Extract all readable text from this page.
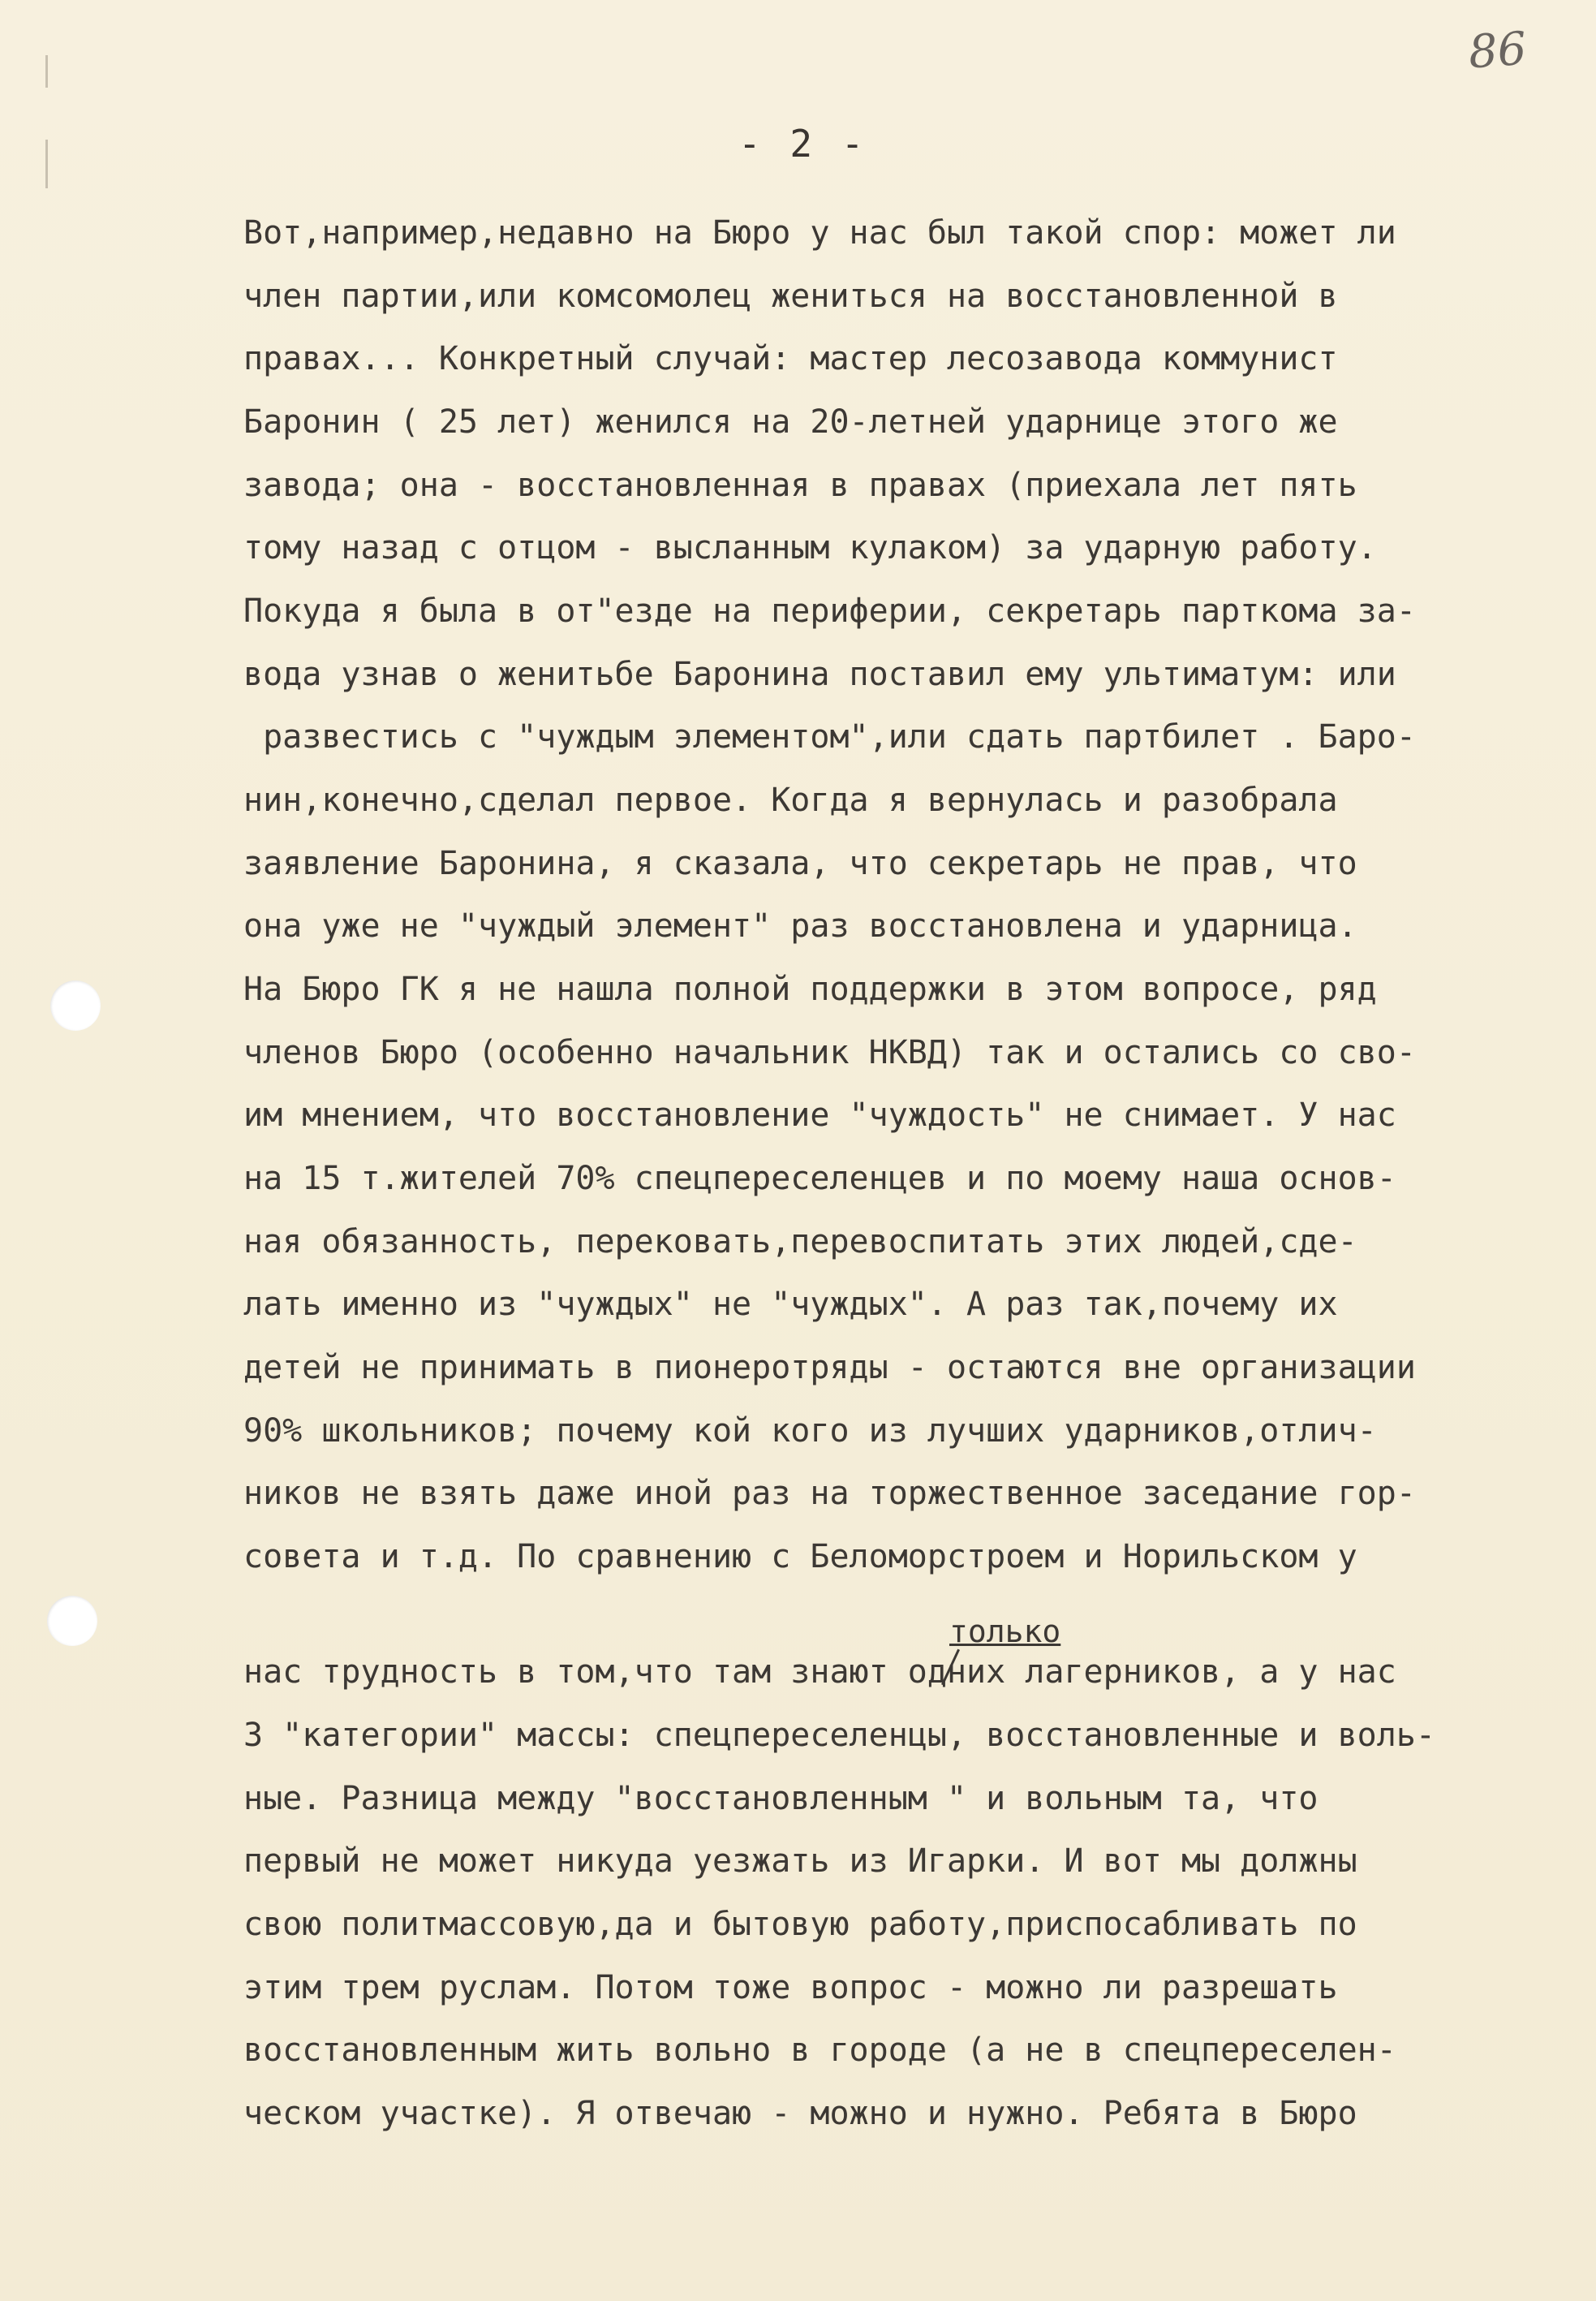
86
- 2 -
только
Вот,например,недавно на Бюро у нас был такой спор: может ли
член партии,или комсомолец жениться на восстановленной в
правах... Конкретный случай: мастер лесозавода коммунист
Баронин ( 25 лет) женился на 20-летней ударнице этого же
завода; она - восстановленная в правах (приехала лет пять
тому назад с отцом - высланным кулаком) за ударную работу.
Покуда я была в от"езде на периферии, секретарь парткома за-
вода узнав о женитьбе Баронина поставил ему ультиматум: или
развестись с "чуждым элементом",или сдать партбилет . Баро-
нин,конечно,сделал первое. Когда я вернулась и разобрала
заявление Баронина, я сказала, что секретарь не прав, что
она уже не "чуждый элемент" раз восстановлена и ударница.
На Бюро ГК я не нашла полной поддержки в этом вопросе, ряд
членов Бюро (особенно начальник НКВД) так и остались со сво-
им мнением, что восстановление "чуждость" не снимает. У нас
на 15 т.жителей 70% спецпереселенцев и по моему наша основ-
ная обязанность, перековать,перевоспитать этих людей,сде-
лать именно из "чуждых" не "чуждых". А раз так,почему их
детей не принимать в пионеротряды - остаются вне организации
90% школьников; почему кой кого из лучших ударников,отлич-
ников не взять даже иной раз на торжественное заседание гор-
совета и т.д. По сравнению с Беломорстроем и Норильском у
нас трудность в том,что там знают одних лагерников, а у нас
3 "категории" массы: спецпереселенцы, восстановленные и воль-
ные. Разница между "восстановленным " и вольным та, что
первый не может никуда уезжать из Игарки. И вот мы должны
свою политмассовую,да и бытовую работу,приспосабливать по
этим трем руслам. Потом тоже вопрос - можно ли разрешать
восстановленным жить вольно в городе (а не в спецпереселен-
ческом участке). Я отвечаю - можно и нужно. Ребята в Бюро
